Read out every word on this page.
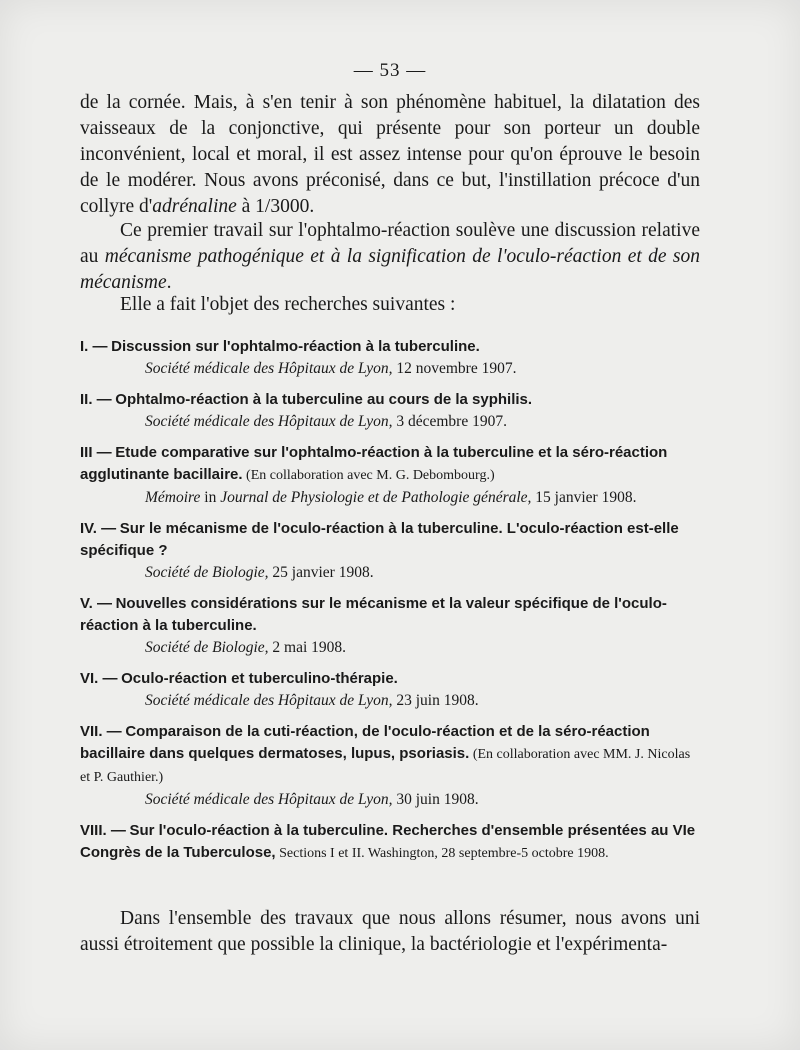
— 53 —
de la cornée. Mais, à s'en tenir à son phénomène habituel, la dilatation des vaisseaux de la conjonctive, qui présente pour son porteur un double inconvénient, local et moral, il est assez intense pour qu'on éprouve le besoin de le modérer. Nous avons préconisé, dans ce but, l'instillation précoce d'un collyre d'adrénaline à 1/3000.
Ce premier travail sur l'ophtalmo-réaction soulève une discussion relative au mécanisme pathogénique et à la signification de l'oculo-réaction et de son mécanisme.
Elle a fait l'objet des recherches suivantes :
I. — Discussion sur l'ophtalmo-réaction à la tuberculine.
Société médicale des Hôpitaux de Lyon, 12 novembre 1907.
II. — Ophtalmo-réaction à la tuberculine au cours de la syphilis.
Société médicale des Hôpitaux de Lyon, 3 décembre 1907.
III — Etude comparative sur l'ophtalmo-réaction à la tuberculine et la séro-réaction agglutinante bacillaire. (En collaboration avec M. G. Debombourg.)
Mémoire in Journal de Physiologie et de Pathologie générale, 15 janvier 1908.
IV. — Sur le mécanisme de l'oculo-réaction à la tuberculine. L'oculo-réaction est-elle spécifique ?
Société de Biologie, 25 janvier 1908.
V. — Nouvelles considérations sur le mécanisme et la valeur spécifique de l'oculo-réaction à la tuberculine.
Société de Biologie, 2 mai 1908.
VI. — Oculo-réaction et tuberculino-thérapie.
Société médicale des Hôpitaux de Lyon, 23 juin 1908.
VII. — Comparaison de la cuti-réaction, de l'oculo-réaction et de la séro-réaction bacillaire dans quelques dermatoses, lupus, psoriasis. (En collaboration avec MM. J. Nicolas et P. Gauthier.)
Société médicale des Hôpitaux de Lyon, 30 juin 1908.
VIII. — Sur l'oculo-réaction à la tuberculine. Recherches d'ensemble présentées au VIe Congrès de la Tuberculose, Sections I et II. Washington, 28 septembre-5 octobre 1908.
Dans l'ensemble des travaux que nous allons résumer, nous avons uni aussi étroitement que possible la clinique, la bactériologie et l'expérimenta-
